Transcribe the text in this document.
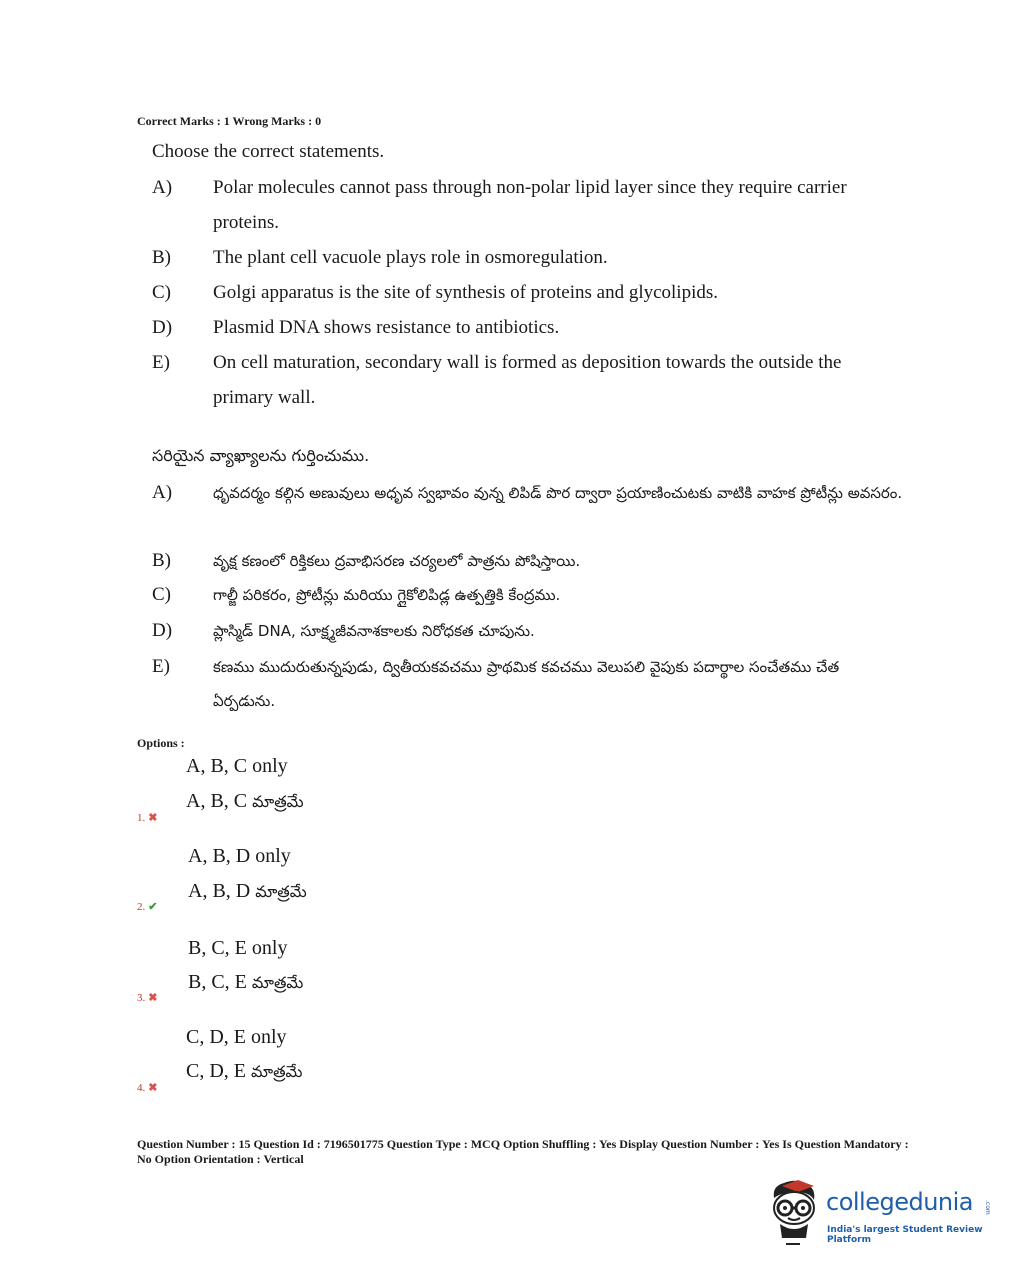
Correct Marks : 1 Wrong Marks : 0
Choose the correct statements.
A)	Polar molecules cannot pass through non-polar lipid layer since they require carrier proteins.
B)	The plant cell vacuole plays role in osmoregulation.
C)	Golgi apparatus is the site of synthesis of proteins and glycolipids.
D)	Plasmid DNA shows resistance to antibiotics.
E)	On cell maturation, secondary wall is formed as deposition towards the outside the primary wall.
సరియైన వ్యాఖ్యాలను గుర్తించుము.
A)	ధృవదర్మం కల్గిన అణువులు అధృవ స్వభావం వున్న లిపిడ్ పొర ద్వారా ప్రయాణించుటకు వాటికి వాహక ప్రోటీన్లు అవసరం.
B)	వృక్ష కణంలో రిక్తికలు ద్రవాభిసరణ చర్యలలో పాత్రను పోషిస్తాయి.
C)	గాల్జీ పరికరం, ప్రోటీన్లు మరియు గ్లైకోలిపిడ్ల ఉత్పత్తికి కేంద్రము.
D)	ప్లాస్మిడ్ DNA, సూక్ష్మజీవనాశకాలకు నిరోధకత చూపును.
E)	కణము ముదురుతున్నపుడు, ద్వితీయకవచము ప్రాథమిక కవచము వెలుపలి వైపుకు పదార్థాల సంచేతము చేత ఏర్పడును.
Options :
A, B, C only
A, B, C మాత్రమే
1. ✖
A, B, D only
A, B, D మాత్రమే
2. ✔
B, C, E only
B, C, E మాత్రమే
3. ✖
C, D, E only
C, D, E మాత్రమే
4. ✖
Question Number : 15 Question Id : 7196501775 Question Type : MCQ Option Shuffling : Yes Display Question Number : Yes Is Question Mandatory : No Option Orientation : Vertical
collegedunia .com
India's largest Student Review Platform
